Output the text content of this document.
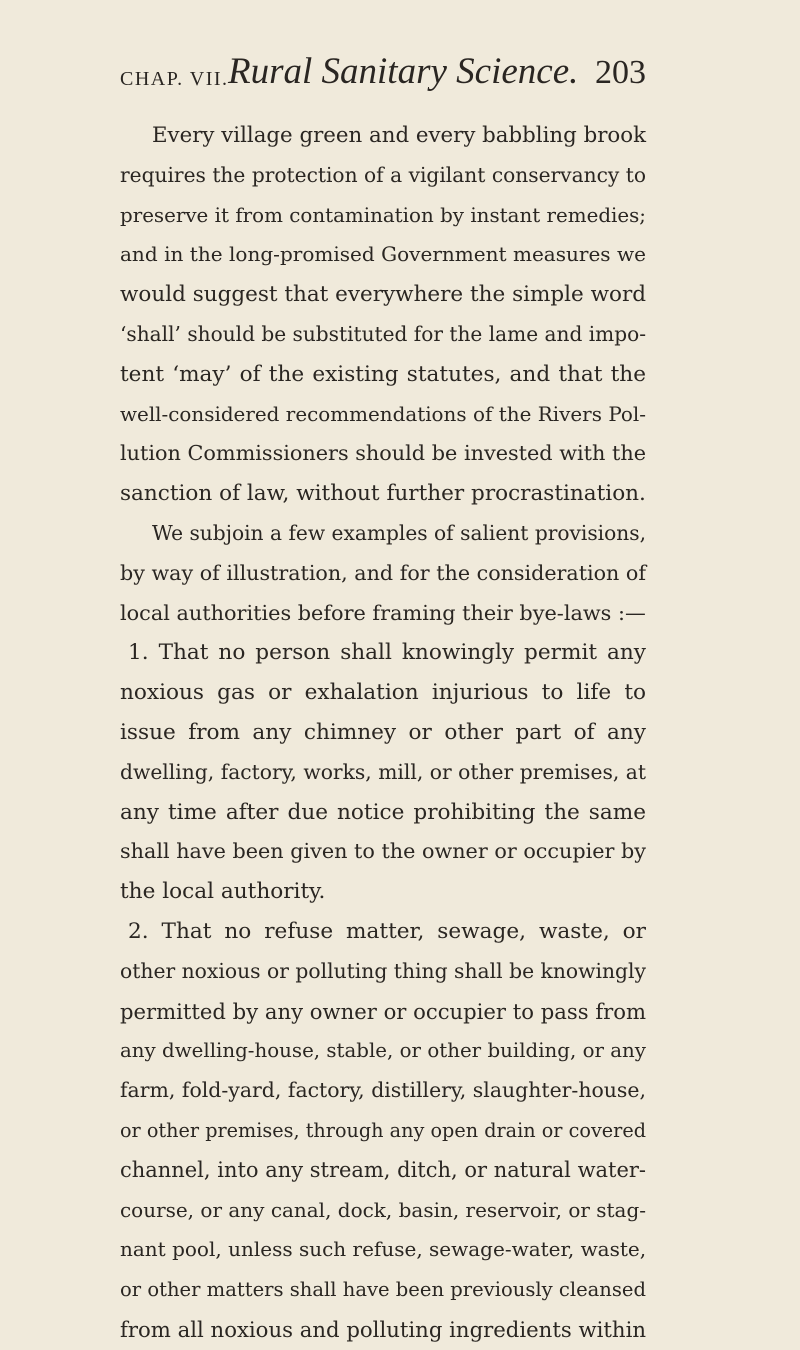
CHAP. VII. Rural Sanitary Science. 203
Every village green and every babbling brook
requires the protection of a vigilant conservancy to
preserve it from contamination by instant remedies;
and in the long-promised Government measures we
would suggest that everywhere the simple word
‘shall’ should be substituted for the lame and impo-
tent ‘may’ of the existing statutes, and that the
well-considered recommendations of the Rivers Pol-
lution Commissioners should be invested with the
sanction of law, without further procrastination.
We subjoin a few examples of salient provisions,
by way of illustration, and for the consideration of
local authorities before framing their bye-laws :—
1. That no person shall knowingly permit any
noxious gas or exhalation injurious to life to
issue from any chimney or other part of any
dwelling, factory, works, mill, or other premises, at
any time after due notice prohibiting the same
shall have been given to the owner or occupier by
the local authority.
2. That no refuse matter, sewage, waste, or
other noxious or polluting thing shall be knowingly
permitted by any owner or occupier to pass from
any dwelling-house, stable, or other building, or any
farm, fold-yard, factory, distillery, slaughter-house,
or other premises, through any open drain or covered
channel, into any stream, ditch, or natural water-
course, or any canal, dock, basin, reservoir, or stag-
nant pool, unless such refuse, sewage-water, waste,
or other matters shall have been previously cleansed
from all noxious and polluting ingredients within
